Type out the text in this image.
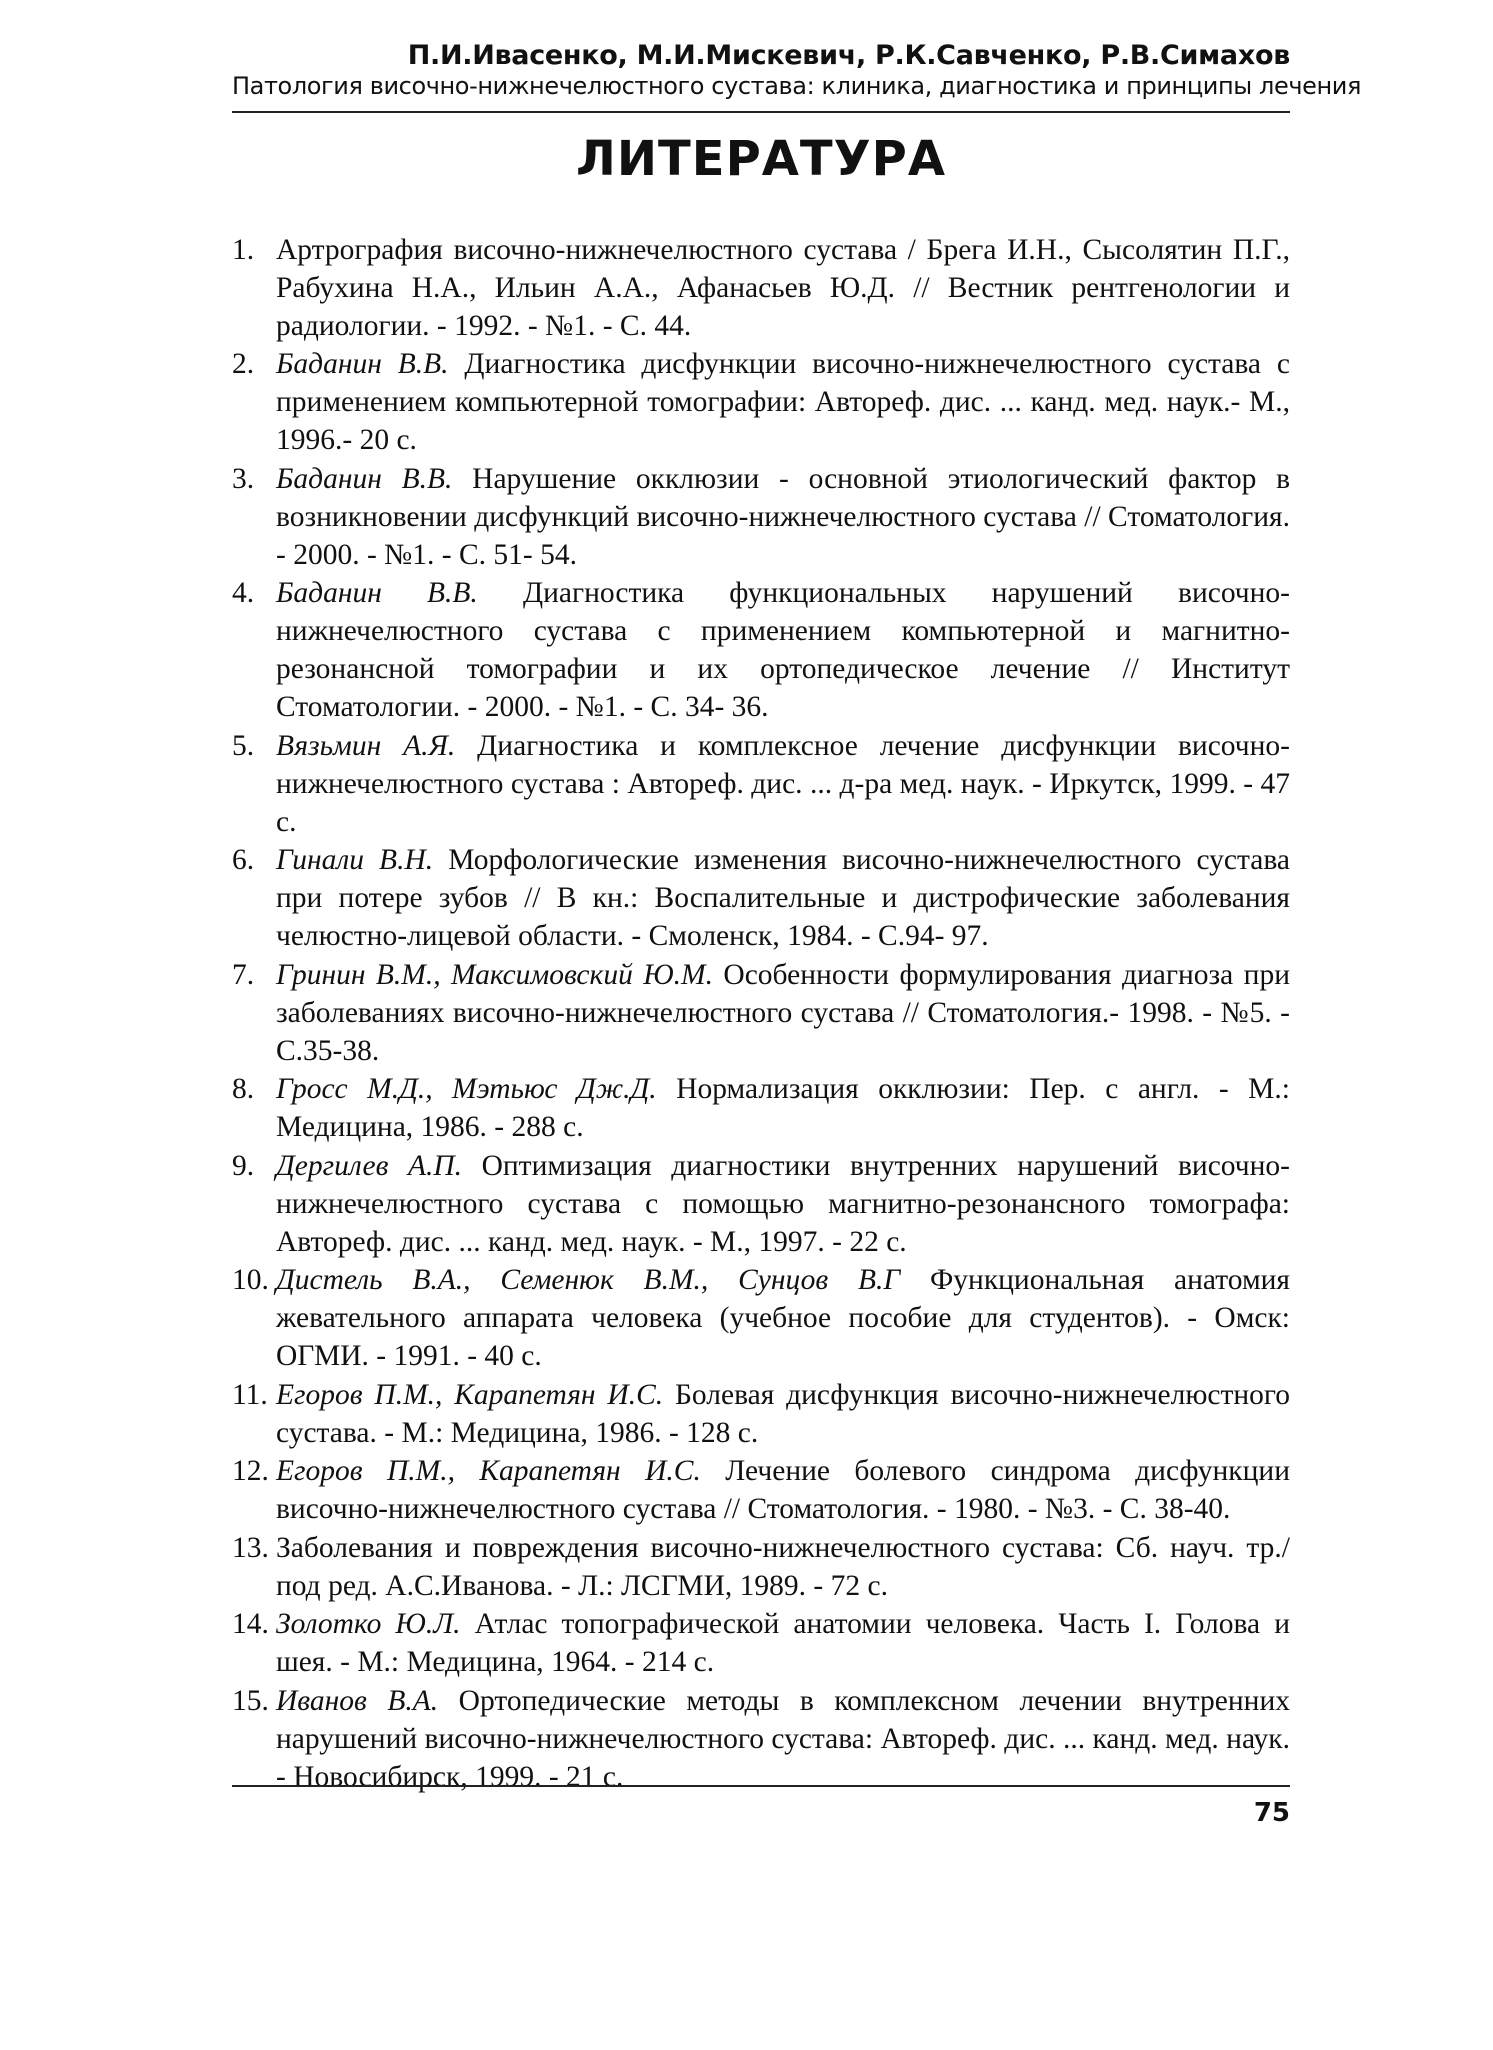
П.И.Ивасенко, М.И.Мискевич, Р.К.Савченко, Р.В.Симахов
Патология височно-нижнечелюстного сустава: клиника, диагностика и принципы лечения
ЛИТЕРАТУРА
1. Артрография височно-нижнечелюстного сустава / Брега И.Н., Сысолятин П.Г., Рабухина Н.А., Ильин А.А., Афанасьев Ю.Д. // Вестник рентгенологии и радиологии. - 1992. - №1. - С. 44.
2. Баданин В.В. Диагностика дисфункции височно-нижнечелюстного сустава с применением компьютерной томографии: Автореф. дис. ... канд. мед. наук.- М., 1996.- 20 с.
3. Баданин В.В. Нарушение окклюзии - основной этиологический фактор в возникновении дисфункций височно-нижнечелюстного сустава // Стоматология. - 2000. - №1. - С. 51- 54.
4. Баданин В.В. Диагностика функциональных нарушений височно-нижнечелюстного сустава с применением компьютерной и магнитно-резонансной томографии и их ортопедическое лечение // Институт Стоматологии. - 2000. - №1. - С. 34- 36.
5. Вязьмин А.Я. Диагностика и комплексное лечение дисфункции височно-нижнечелюстного сустава : Автореф. дис. ... д-ра мед. наук. - Иркутск, 1999. - 47 с.
6. Гинали В.Н. Морфологические изменения височно-нижнечелюстного сустава при потере зубов // В кн.: Воспалительные и дистрофические заболевания челюстно-лицевой области. - Смоленск, 1984. - С.94- 97.
7. Гринин В.М., Максимовский Ю.М. Особенности формулирования диагноза при заболеваниях височно-нижнечелюстного сустава // Стоматология.- 1998. - №5. - С.35-38.
8. Гросс М.Д., Мэтьюс Дж.Д. Нормализация окклюзии: Пер. с англ. - М.: Медицина, 1986. - 288 с.
9. Дергилев А.П. Оптимизация диагностики внутренних нарушений височно-нижнечелюстного сустава с помощью магнитно-резонансного томографа: Автореф. дис. ... канд. мед. наук. - М., 1997. - 22 с.
10. Дистель В.А., Семенюк В.М., Сунцов В.Г Функциональная анатомия жевательного аппарата человека (учебное пособие для студентов). - Омск: ОГМИ. - 1991. - 40 с.
11. Егоров П.М., Карапетян И.С. Болевая дисфункция височно-нижнечелюстного сустава. - М.: Медицина, 1986. - 128 с.
12. Егоров П.М., Карапетян И.С. Лечение болевого синдрома дисфункции височно-нижнечелюстного сустава // Стоматология. - 1980. - №3. - С. 38-40.
13. Заболевания и повреждения височно-нижнечелюстного сустава: Сб. науч. тр./ под ред. А.С.Иванова. - Л.: ЛСГМИ, 1989. - 72 с.
14. Золотко Ю.Л. Атлас топографической анатомии человека. Часть I. Голова и шея. - М.: Медицина, 1964. - 214 с.
15. Иванов В.А. Ортопедические методы в комплексном лечении внутренних нарушений височно-нижнечелюстного сустава: Автореф. дис. ... канд. мед. наук. - Новосибирск, 1999. - 21 с.
75
